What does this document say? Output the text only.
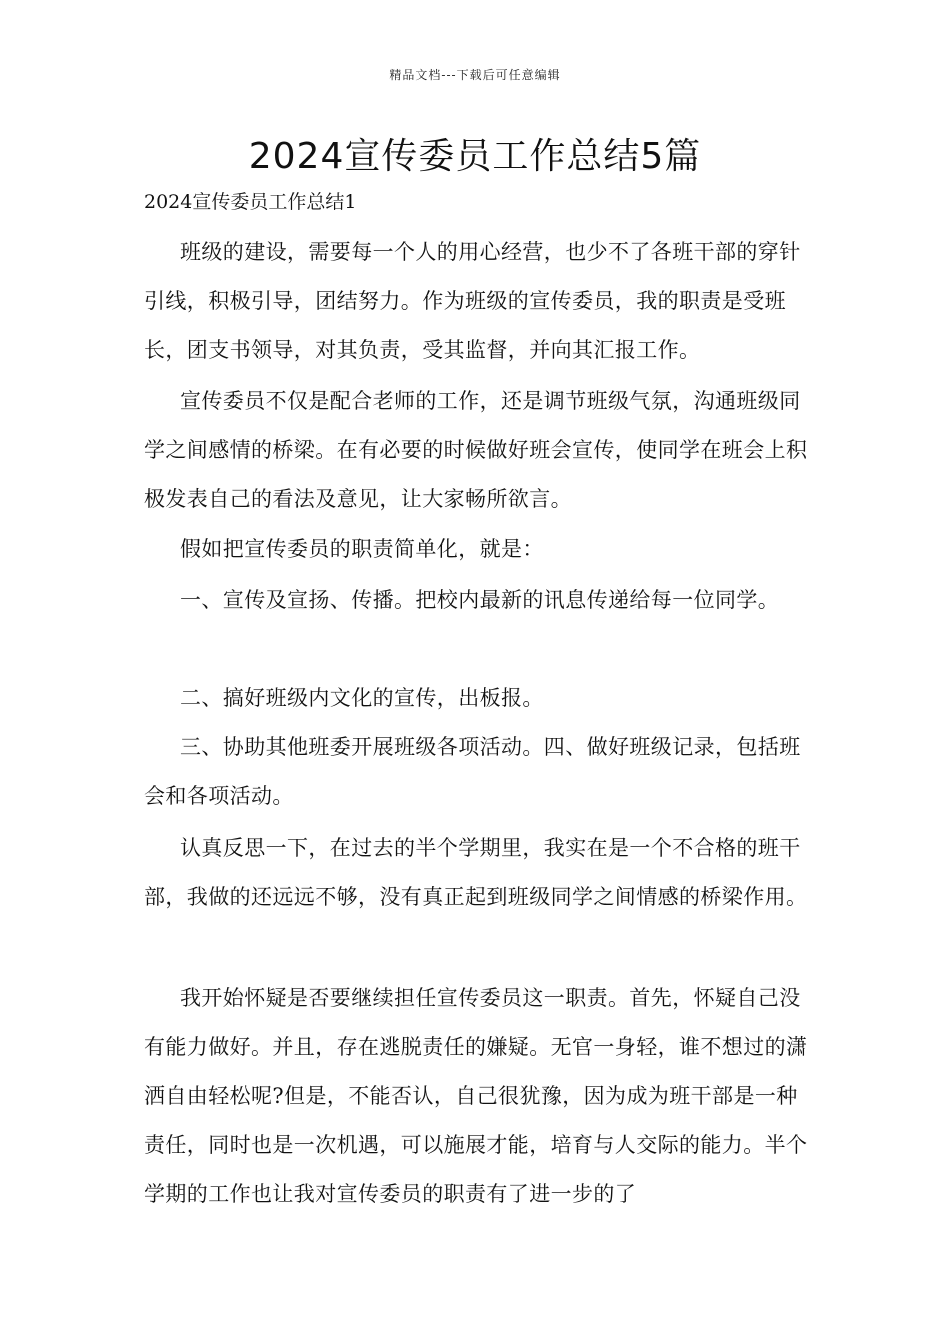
精品文档---下载后可任意编辑
2024宣传委员工作总结5篇

2024宣传委员工作总结1

班级的建设，需要每一个人的用心经营，也少不了各班干部的穿针引线，积极引导，团结努力。作为班级的宣传委员，我的职责是受班长，团支书领导，对其负责，受其监督，并向其汇报工作。

宣传委员不仅是配合老师的工作，还是调节班级气氛，沟通班级同学之间感情的桥梁。在有必要的时候做好班会宣传，使同学在班会上积极发表自己的看法及意见，让大家畅所欲言。

假如把宣传委员的职责简单化，就是：

一、宣传及宣扬、传播。把校内最新的讯息传递给每一位同学。

二、搞好班级内文化的宣传，出板报。

三、协助其他班委开展班级各项活动。四、做好班级记录，包括班会和各项活动。

认真反思一下，在过去的半个学期里，我实在是一个不合格的班干部，我做的还远远不够，没有真正起到班级同学之间情感的桥梁作用。

我开始怀疑是否要继续担任宣传委员这一职责。首先，怀疑自己没有能力做好。并且，存在逃脱责任的嫌疑。无官一身轻，谁不想过的潇洒自由轻松呢?但是，不能否认，自己很犹豫，因为成为班干部是一种责任，同时也是一次机遇，可以施展才能，培育与人交际的能力。半个学期的工作也让我对宣传委员的职责有了进一步的了
